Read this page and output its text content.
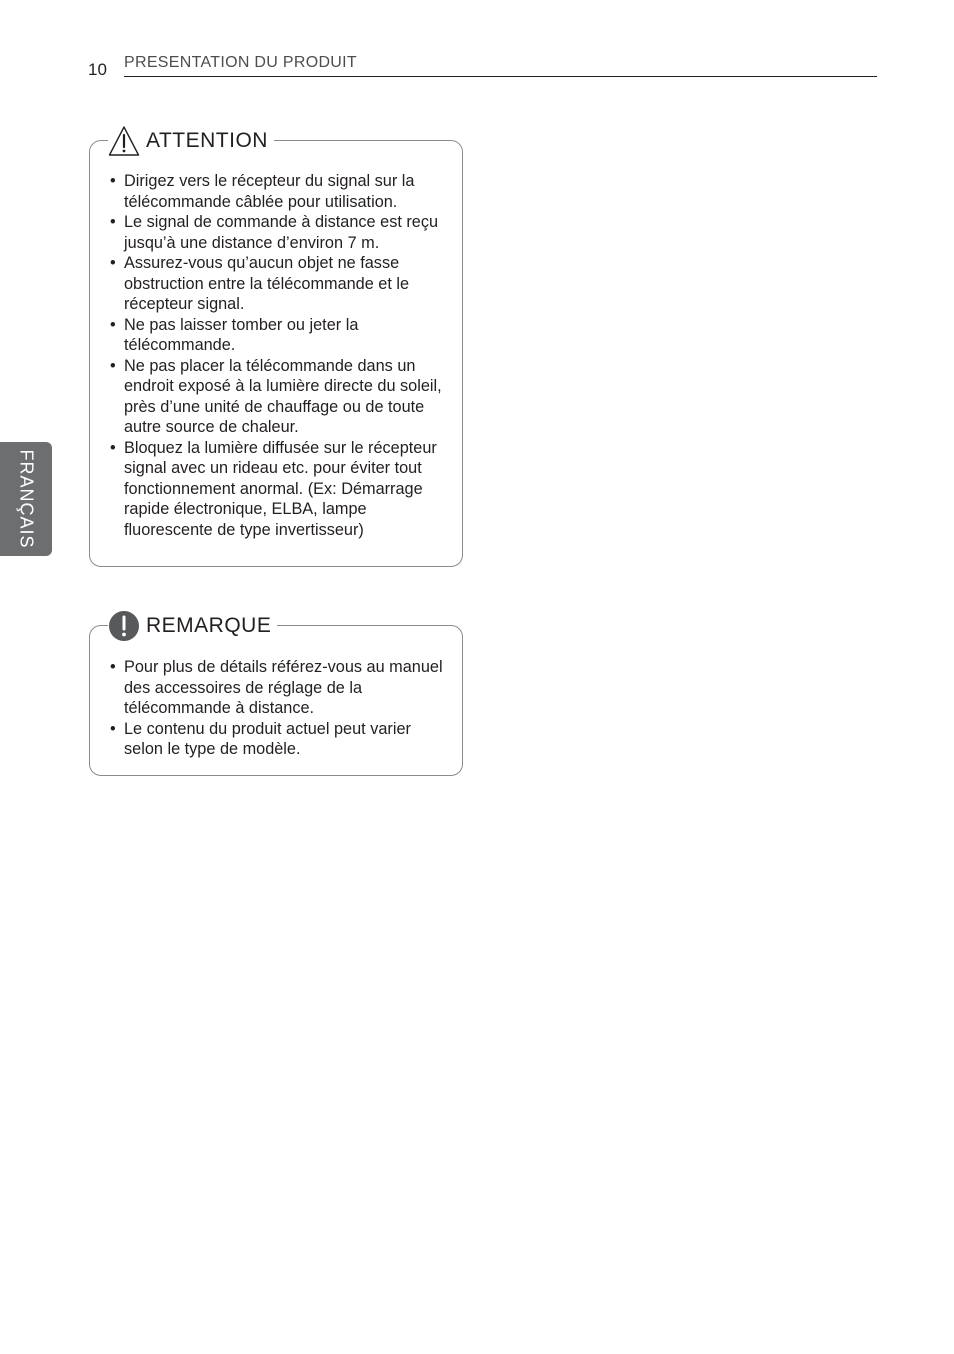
10 PRESENTATION DU PRODUIT
FRANÇAIS
ATTENTION
• Dirigez vers le récepteur du signal sur la télécommande câblée pour utilisation.
• Le signal de commande à distance est reçu jusqu’à une distance d’environ 7 m.
• Assurez-vous qu’aucun objet ne fasse obstruction entre la télécommande et le récepteur signal.
• Ne pas laisser tomber ou jeter la télécommande.
• Ne pas placer la télécommande dans un endroit exposé à la lumière directe du soleil, près d’une unité de chauffage ou de toute autre source de chaleur.
• Bloquez la lumière diffusée sur le récepteur signal avec un rideau etc. pour éviter tout fonctionnement anormal. (Ex: Démarrage rapide électronique, ELBA, lampe fluorescente de type invertisseur)
REMARQUE
• Pour plus de détails référez-vous au manuel des accessoires de réglage de la télécommande à distance.
• Le contenu du produit actuel peut varier selon le type de modèle.
